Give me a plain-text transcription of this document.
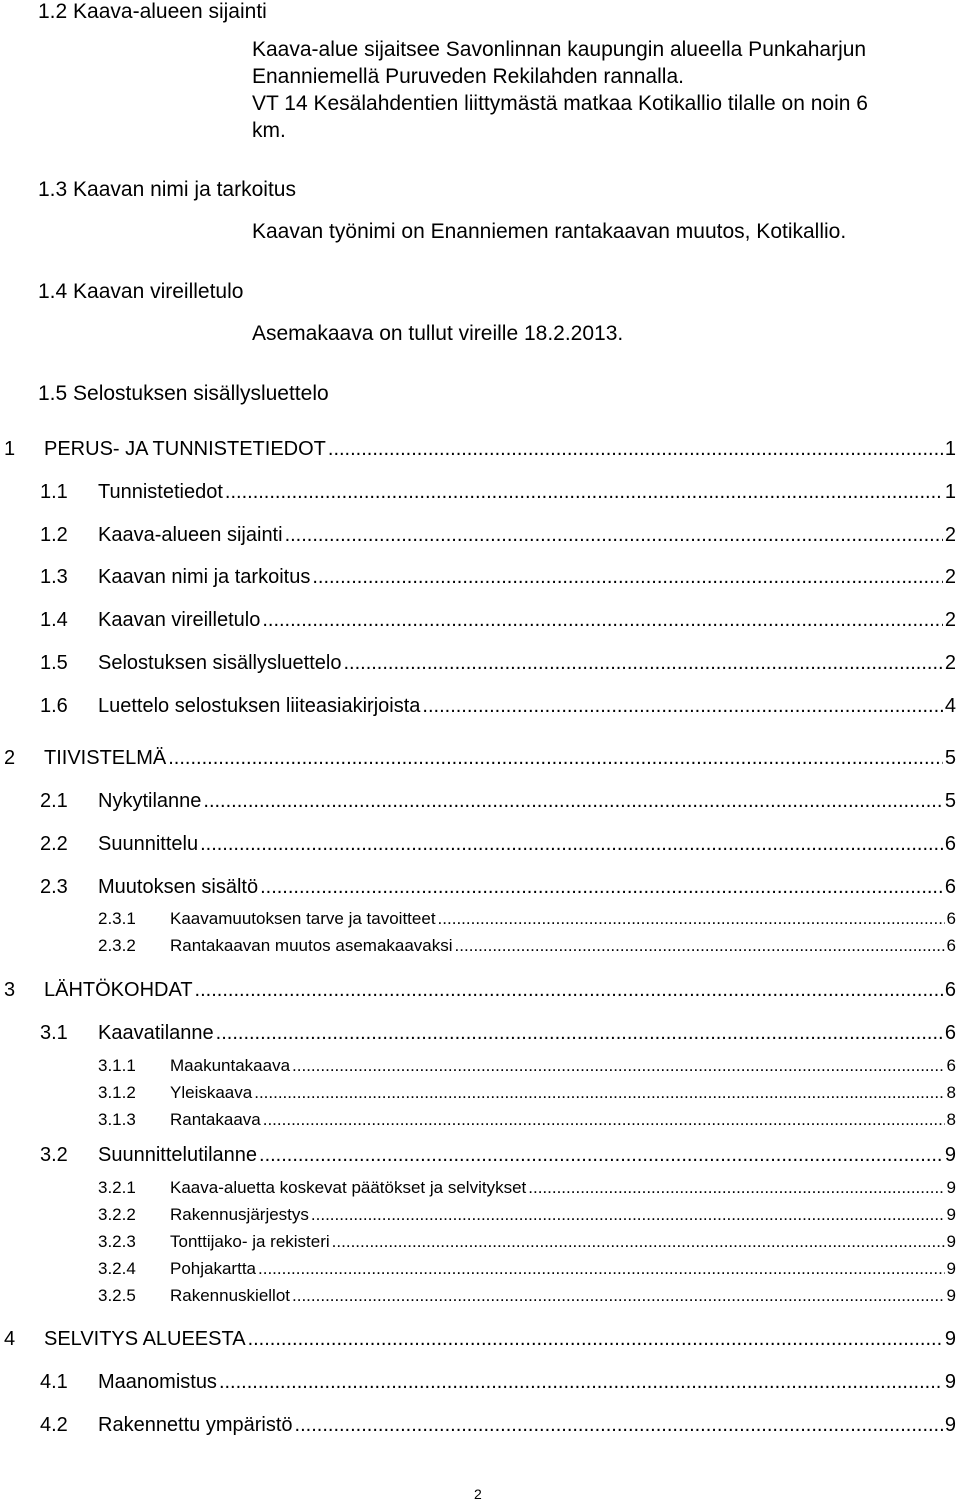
1.2 Kaava-alueen sijainti
Kaava-alue sijaitsee Savonlinnan kaupungin alueella Punkaharjun
Enanniemellä Puruveden Rekilahden rannalla.
VT 14 Kesälahdentien liittymästä matkaa Kotikallio tilalle on noin 6
km.
1.3 Kaavan nimi ja tarkoitus
Kaavan työnimi on Enanniemen rantakaavan muutos, Kotikallio.
1.4 Kaavan vireilletulo
Asemakaava on tullut vireille 18.2.2013.
1.5 Selostuksen sisällysluettelo
1	PERUS- JA TUNNISTETIEDOT .....	1
1.1	Tunnistetiedot .....	1
1.2	Kaava-alueen sijainti .....	2
1.3	Kaavan nimi ja tarkoitus .....	2
1.4	Kaavan vireilletulo .....	2
1.5	Selostuksen sisällysluettelo .....	2
1.6	Luettelo selostuksen liiteasiakirjoista .....	4
2	TIIVISTELMÄ .....	5
2.1	Nykytilanne .....	5
2.2	Suunnittelu .....	6
2.3	Muutoksen sisältö .....	6
2.3.1	Kaavamuutoksen tarve ja tavoitteet .....	6
2.3.2	Rantakaavan muutos asemakaavaksi .....	6
3	LÄHTÖKOHDAT .....	6
3.1	Kaavatilanne .....	6
3.1.1	Maakuntakaava .....	6
3.1.2	Yleiskaava .....	8
3.1.3	Rantakaava .....	8
3.2	Suunnittelutilanne .....	9
3.2.1	Kaava-aluetta koskevat päätökset ja selvitykset .....	9
3.2.2	Rakennusjärjestys .....	9
3.2.3	Tonttijako- ja rekisteri .....	9
3.2.4	Pohjakartta .....	9
3.2.5	Rakennuskiellot .....	9
4	SELVITYS ALUEESTA .....	9
4.1	Maanomistus .....	9
4.2	Rakennettu ympäristö .....	9
2
